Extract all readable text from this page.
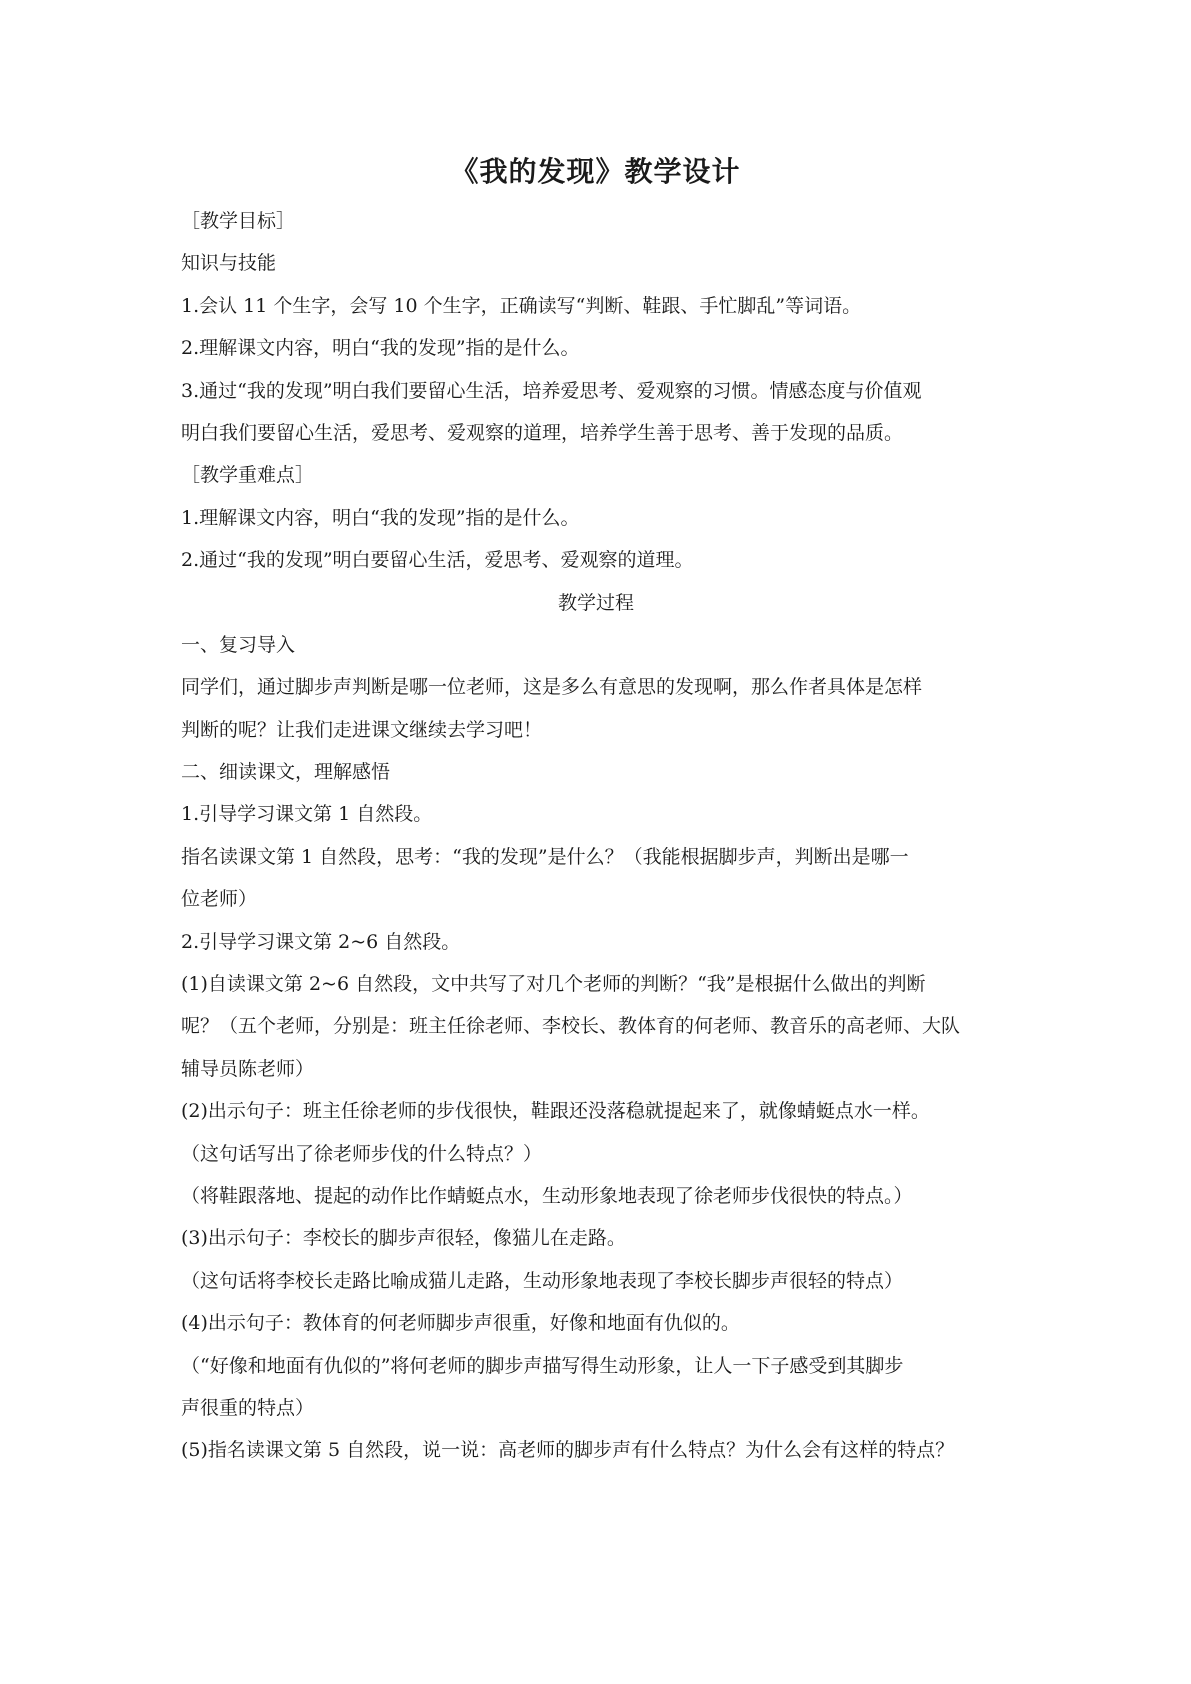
《我的发现》教学设计
［教学目标］
知识与技能
1.会认 11 个生字，会写 10 个生字，正确读写“判断、鞋跟、手忙脚乱”等词语。
2.理解课文内容，明白“我的发现”指的是什么。
3.通过“我的发现”明白我们要留心生活，培养爱思考、爱观察的习惯。情感态度与价值观
明白我们要留心生活，爱思考、爱观察的道理，培养学生善于思考、善于发现的品质。
［教学重难点］
1.理解课文内容，明白“我的发现”指的是什么。
2.通过“我的发现”明白要留心生活，爱思考、爱观察的道理。
教学过程
一、复习导入
同学们，通过脚步声判断是哪一位老师，这是多么有意思的发现啊，那么作者具体是怎样
判断的呢？让我们走进课文继续去学习吧！
二、细读课文，理解感悟
1.引导学习课文第 1 自然段。
指名读课文第 1 自然段，思考：“我的发现”是什么？（我能根据脚步声，判断出是哪一
位老师）
2.引导学习课文第 2~6 自然段。
(1)自读课文第 2~6 自然段，文中共写了对几个老师的判断？“我”是根据什么做出的判断
呢？（五个老师，分别是：班主任徐老师、李校长、教体育的何老师、教音乐的高老师、大队
辅导员陈老师）
(2)出示句子：班主任徐老师的步伐很快，鞋跟还没落稳就提起来了，就像蜻蜓点水一样。
（这句话写出了徐老师步伐的什么特点？）
（将鞋跟落地、提起的动作比作蜻蜓点水，生动形象地表现了徐老师步伐很快的特点。）
(3)出示句子：李校长的脚步声很轻，像猫儿在走路。
（这句话将李校长走路比喻成猫儿走路，生动形象地表现了李校长脚步声很轻的特点）
(4)出示句子：教体育的何老师脚步声很重，好像和地面有仇似的。
（“好像和地面有仇似的”将何老师的脚步声描写得生动形象，让人一下子感受到其脚步
声很重的特点）
(5)指名读课文第 5 自然段，说一说：高老师的脚步声有什么特点？为什么会有这样的特点？
